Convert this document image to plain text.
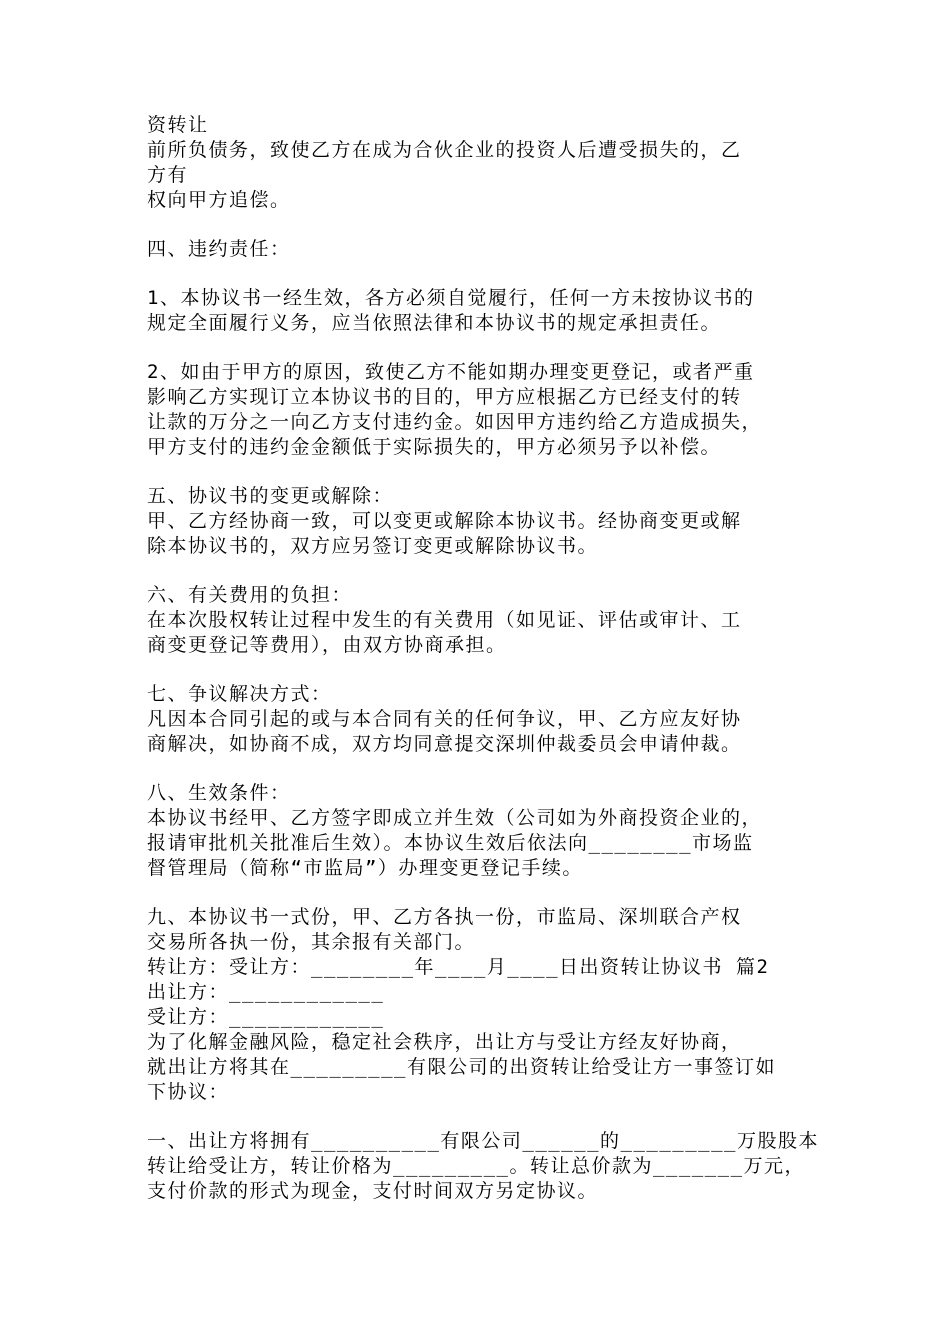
资转让
前所负债务，致使乙方在成为合伙企业的投资人后遭受损失的，乙
方有
权向甲方追偿。
四、违约责任：
1、本协议书一经生效，各方必须自觉履行，任何一方未按协议书的
规定全面履行义务，应当依照法律和本协议书的规定承担责任。
2、如由于甲方的原因，致使乙方不能如期办理变更登记，或者严重
影响乙方实现订立本协议书的目的，甲方应根据乙方已经支付的转
让款的万分之一向乙方支付违约金。如因甲方违约给乙方造成损失，
甲方支付的违约金金额低于实际损失的，甲方必须另予以补偿。
五、协议书的变更或解除：
甲、乙方经协商一致，可以变更或解除本协议书。经协商变更或解
除本协议书的，双方应另签订变更或解除协议书。
六、有关费用的负担：
在本次股权转让过程中发生的有关费用（如见证、评估或审计、工
商变更登记等费用），由双方协商承担。
七、争议解决方式：
凡因本合同引起的或与本合同有关的任何争议，甲、乙方应友好协
商解决，如协商不成，双方均同意提交深圳仲裁委员会申请仲裁。
八、生效条件：
本协议书经甲、乙方签字即成立并生效（公司如为外商投资企业的，
报请审批机关批准后生效）。本协议生效后依法向________市场监
督管理局（简称“市监局”）办理变更登记手续。
九、本协议书一式份，甲、乙方各执一份，市监局、深圳联合产权
交易所各执一份，其余报有关部门。
转让方：受让方：________年____月____日出资转让协议书 篇2
出让方：____________
受让方：____________
为了化解金融风险，稳定社会秩序，出让方与受让方经友好协商，
就出让方将其在_________有限公司的出资转让给受让方一事签订如
下协议：
一、出让方将拥有__________有限公司______的_________万股股本
转让给受让方，转让价格为_________。转让总价款为_______万元，
支付价款的形式为现金，支付时间双方另定协议。
